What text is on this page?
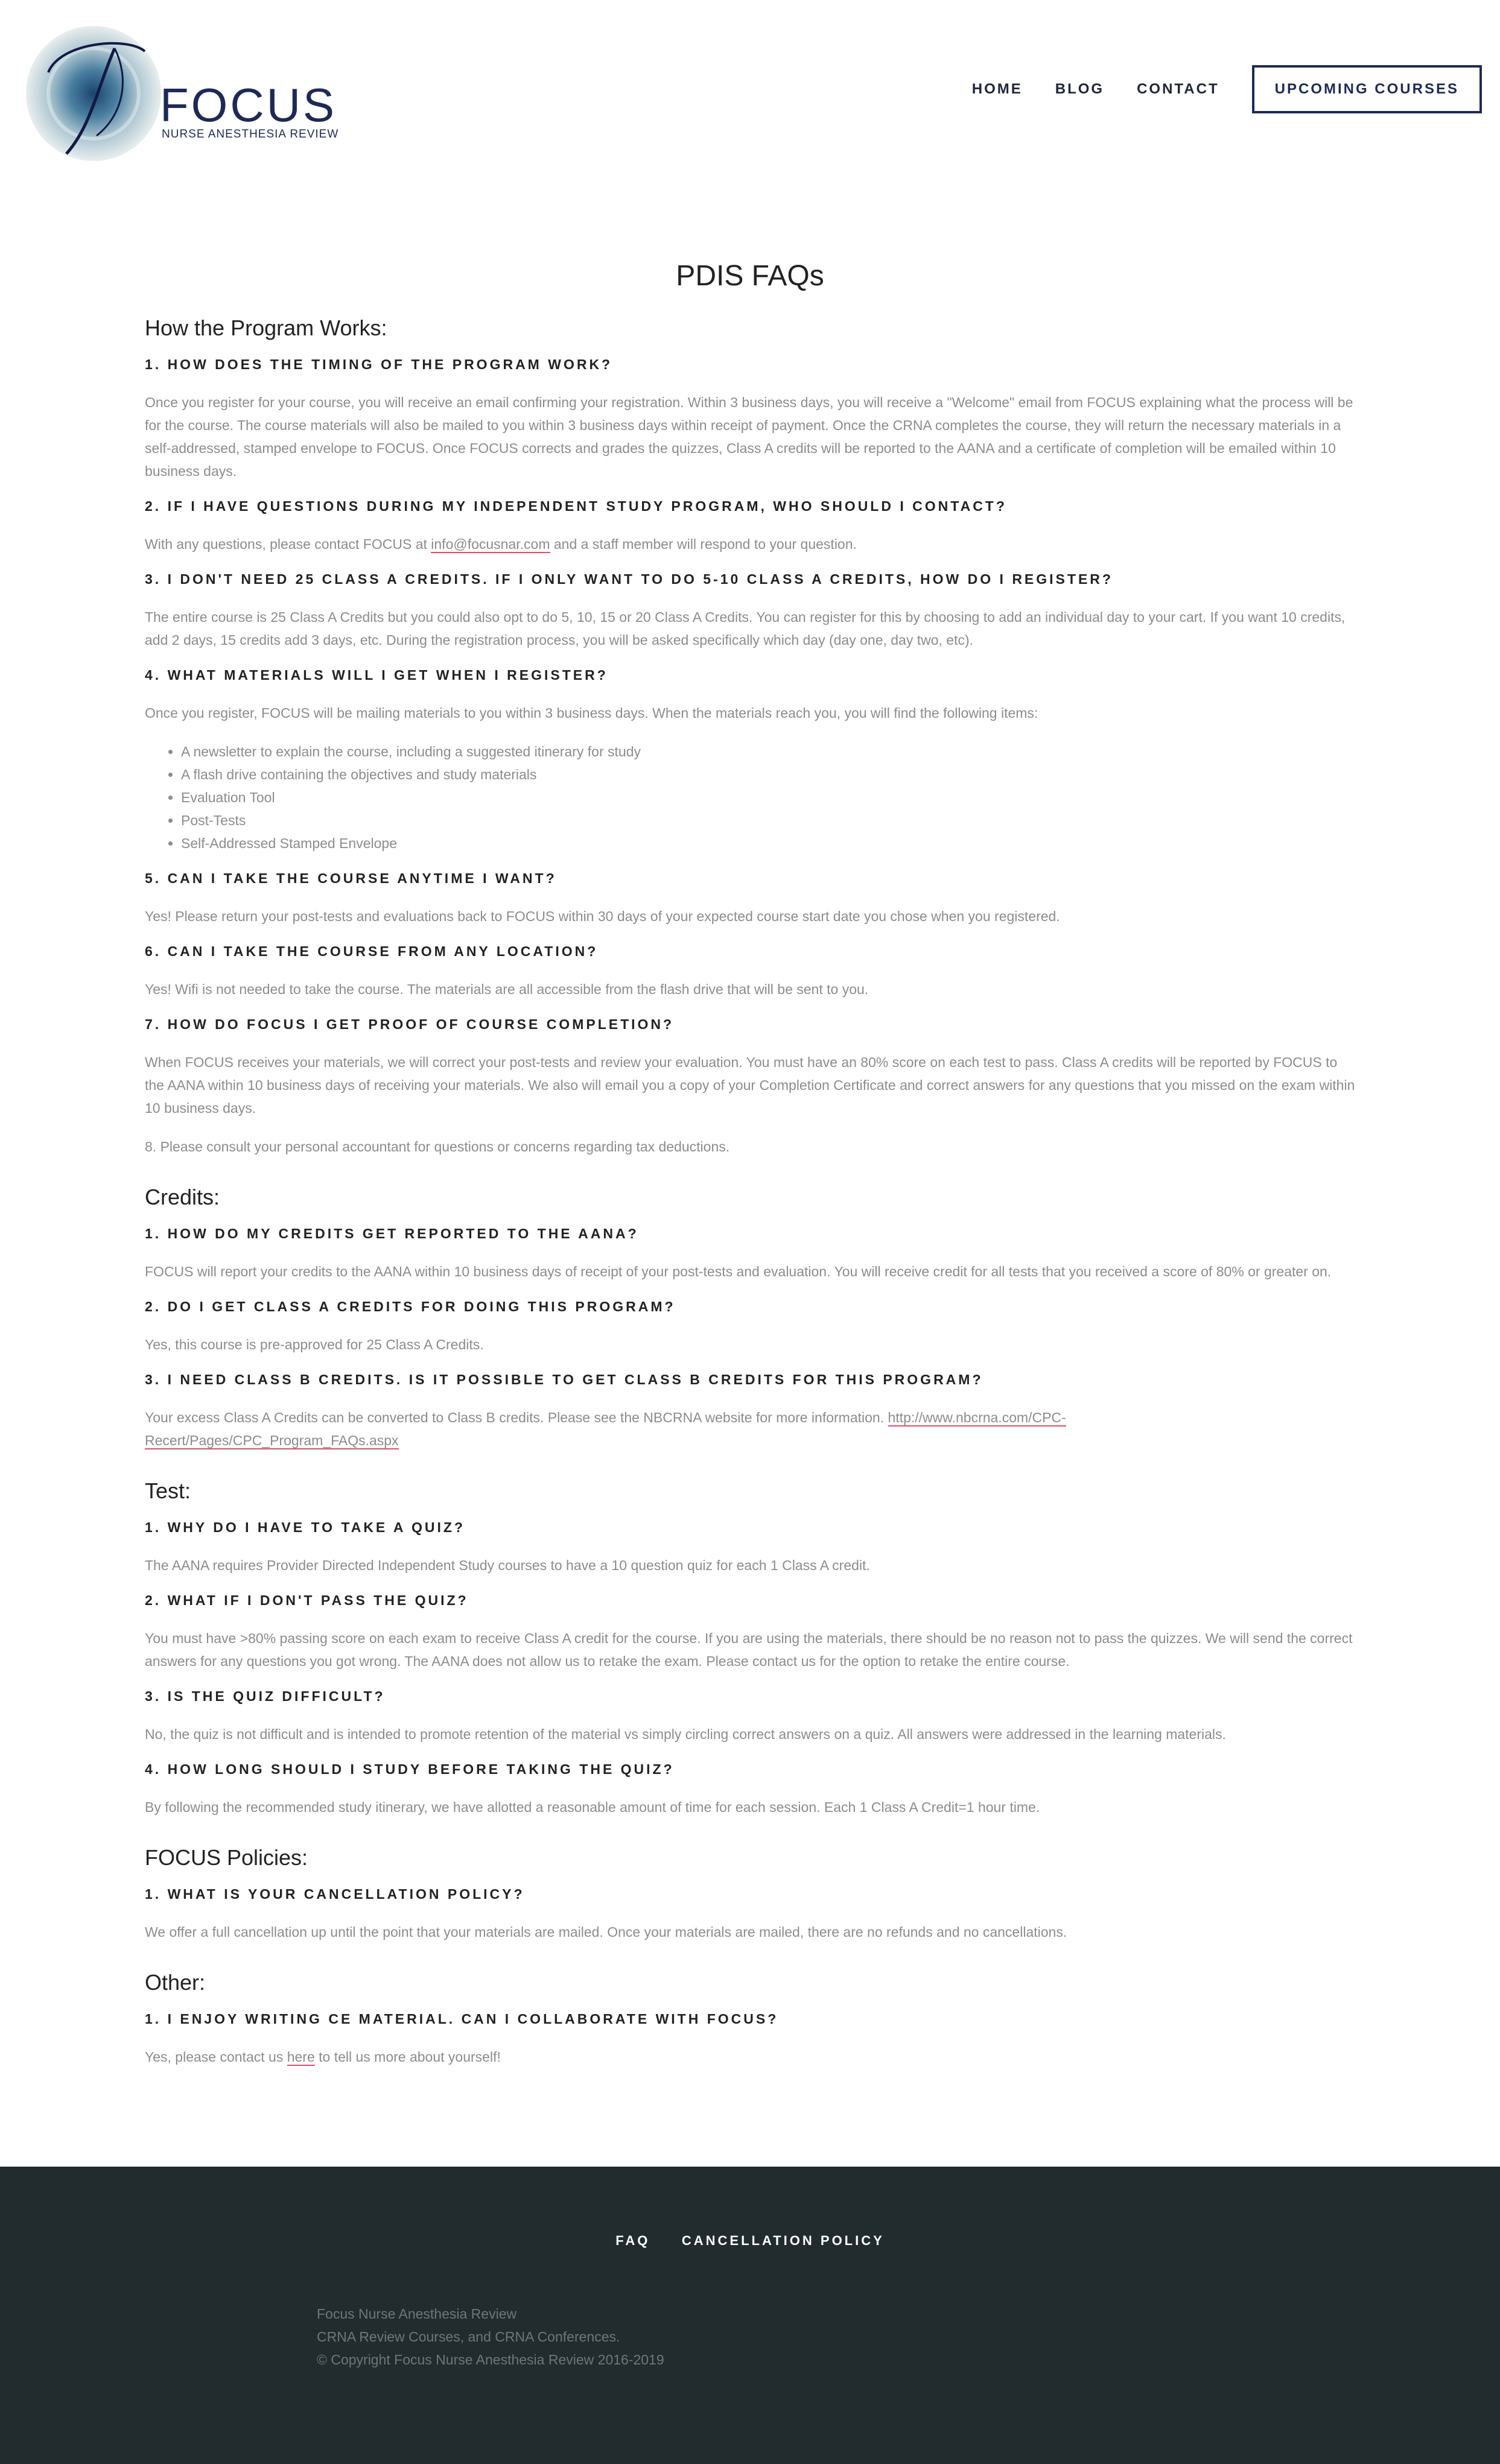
FOCUS
NURSE ANESTHESIA REVIEW
HOME BLOG CONTACT	UPCOMING COURSES
PDIS FAQs
How the Program Works:
1. HOW DOES THE TIMING OF THE PROGRAM WORK?

Once you register for your course, you will receive an email confirming your registration. Within 3 business days, you will receive a "Welcome" email from FOCUS explaining what the process will be for the course. The course materials will also be mailed to you within 3 business days within receipt of payment. Once the CRNA completes the course, they will return the necessary materials in a self-addressed, stamped envelope to FOCUS. Once FOCUS corrects and grades the quizzes, Class A credits will be reported to the AANA and a certificate of completion will be emailed within 10 business days.

2. IF I HAVE QUESTIONS DURING MY INDEPENDENT STUDY PROGRAM, WHO SHOULD I CONTACT?

With any questions, please contact FOCUS at info@focusnar.com and a staff member will respond to your question.

3. I DON'T NEED 25 CLASS A CREDITS. IF I ONLY WANT TO DO 5-10 CLASS A CREDITS, HOW DO I REGISTER?

The entire course is 25 Class A Credits but you could also opt to do 5, 10, 15 or 20 Class A Credits. You can register for this by choosing to add an individual day to your cart. If you want 10 credits, add 2 days, 15 credits add 3 days, etc. During the registration process, you will be asked specifically which day (day one, day two, etc).

4. WHAT MATERIALS WILL I GET WHEN I REGISTER?

Once you register, FOCUS will be mailing materials to you within 3 business days. When the materials reach you, you will find the following items:

• A newsletter to explain the course, including a suggested itinerary for study
• A flash drive containing the objectives and study materials
• Evaluation Tool
• Post-Tests
• Self-Addressed Stamped Envelope
5. CAN I TAKE THE COURSE ANYTIME I WANT?

Yes! Please return your post-tests and evaluations back to FOCUS within 30 days of your expected course start date you chose when you registered.

6. CAN I TAKE THE COURSE FROM ANY LOCATION?

Yes! Wifi is not needed to take the course. The materials are all accessible from the flash drive that will be sent to you.

7. HOW DO FOCUS I GET PROOF OF COURSE COMPLETION?

When FOCUS receives your materials, we will correct your post-tests and review your evaluation. You must have an 80% score on each test to pass. Class A credits will be reported by FOCUS to the AANA within 10 business days of receiving your materials. We also will email you a copy of your Completion Certificate and correct answers for any questions that you missed on the exam within 10 business days.

8. Please consult your personal accountant for questions or concerns regarding tax deductions.

Credits:
1. HOW DO MY CREDITS GET REPORTED TO THE AANA?

FOCUS will report your credits to the AANA within 10 business days of receipt of your post-tests and evaluation. You will receive credit for all tests that you received a score of 80% or greater on.

2. DO I GET CLASS A CREDITS FOR DOING THIS PROGRAM?

Yes, this course is pre-approved for 25 Class A Credits.

3. I NEED CLASS B CREDITS. IS IT POSSIBLE TO GET CLASS B CREDITS FOR THIS PROGRAM?

Your excess Class A Credits can be converted to Class B credits. Please see the NBCRNA website for more information. http://www.nbcrna.com/CPC-
Recert/Pages/CPC_Program_FAQs.aspx

Test:
1. WHY DO I HAVE TO TAKE A QUIZ?

The AANA requires Provider Directed Independent Study courses to have a 10 question quiz for each 1 Class A credit.

2. WHAT IF I DON'T PASS THE QUIZ?

You must have >80% passing score on each exam to receive Class A credit for the course. If you are using the materials, there should be no reason not to pass the quizzes. We will send the correct answers for any questions you got wrong. The AANA does not allow us to retake the exam. Please contact us for the option to retake the entire course.

3. IS THE QUIZ DIFFICULT?

No, the quiz is not difficult and is intended to promote retention of the material vs simply circling correct answers on a quiz. All answers were addressed in the learning materials.

4. HOW LONG SHOULD I STUDY BEFORE TAKING THE QUIZ?

By following the recommended study itinerary, we have allotted a reasonable amount of time for each session. Each 1 Class A Credit=1 hour time.

FOCUS Policies:
1. WHAT IS YOUR CANCELLATION POLICY?

We offer a full cancellation up until the point that your materials are mailed. Once your materials are mailed, there are no refunds and no cancellations.

Other:
1. I ENJOY WRITING CE MATERIAL. CAN I COLLABORATE WITH FOCUS?

Yes, please contact us here to tell us more about yourself!

FAQ CANCELLATION POLICY
Focus Nurse Anesthesia Review
CRNA Review Courses, and CRNA Conferences.
© Copyright Focus Nurse Anesthesia Review 2016-2019
